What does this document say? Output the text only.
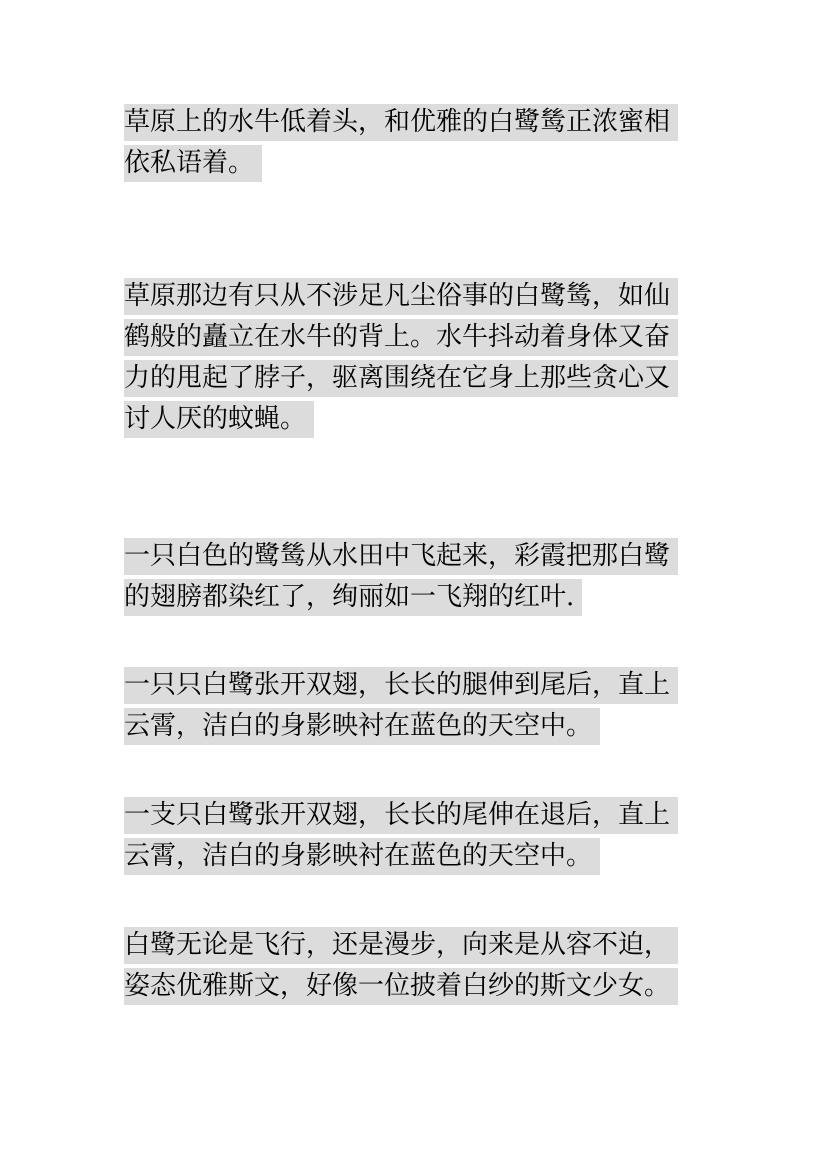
草原上的水牛低着头，和优雅的白鹭鸶正浓蜜相
依私语着。

草原那边有只从不涉足凡尘俗事的白鹭鸶，如仙
鹤般的矗立在水牛的背上。水牛抖动着身体又奋
力的甩起了脖子，驱离围绕在它身上那些贪心又
讨人厌的蚊蝇。

一只白色的鹭鸶从水田中飞起来，彩霞把那白鹭
的翅膀都染红了，绚丽如一飞翔的红叶.

一只只白鹭张开双翅，长长的腿伸到尾后，直上
云霄，洁白的身影映衬在蓝色的天空中。

一支只白鹭张开双翅，长长的尾伸在退后，直上
云霄，洁白的身影映衬在蓝色的天空中。

白鹭无论是飞行，还是漫步，向来是从容不迫，
姿态优雅斯文，好像一位披着白纱的斯文少女。
